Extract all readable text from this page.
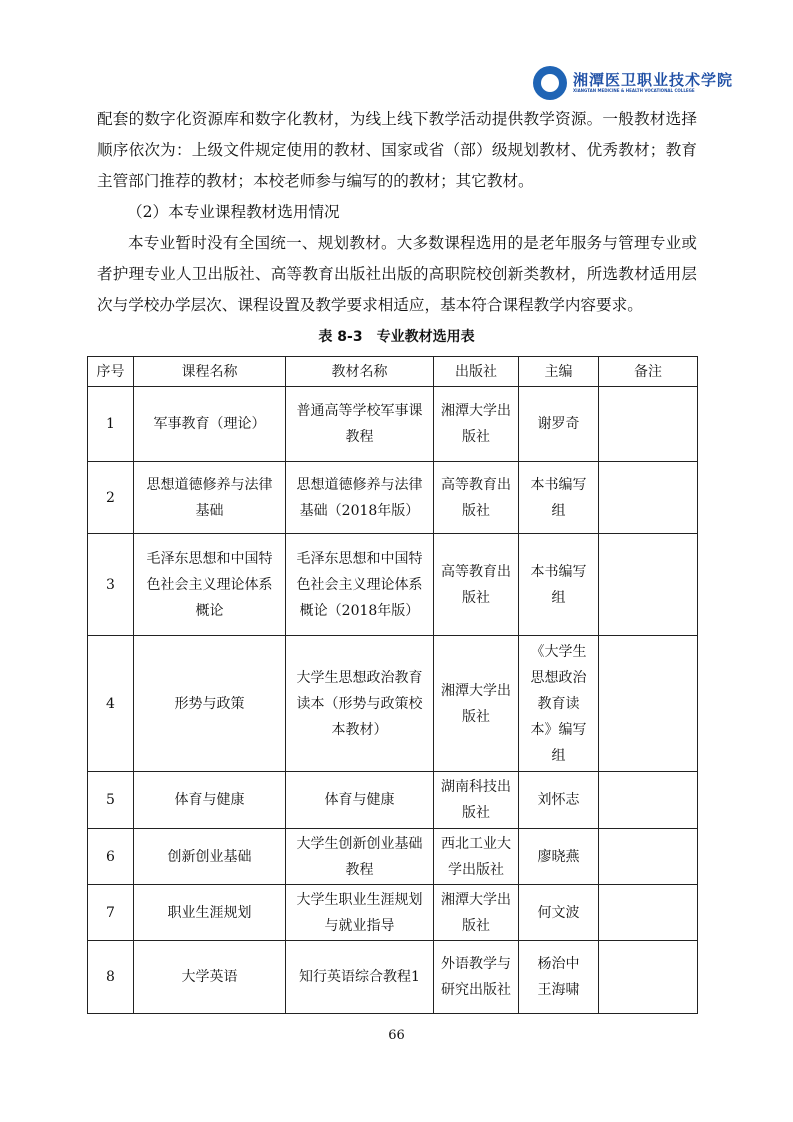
湘潭医卫职业技术学院
XIANGTAN MEDICINE & HEALTH VOCATIONAL COLLEGE

配套的数字化资源库和数字化教材，为线上线下教学活动提供教学资源。一般教材选择顺序依次为：上级文件规定使用的教材、国家或省（部）级规划教材、优秀教材；教育主管部门推荐的教材；本校老师参与编写的的教材；其它教材。

（2）本专业课程教材选用情况

本专业暂时没有全国统一、规划教材。大多数课程选用的是老年服务与管理专业或者护理专业人卫出版社、高等教育出版社出版的高职院校创新类教材，所选教材适用层次与学校办学层次、课程设置及教学要求相适应，基本符合课程教学内容要求。

表 8-3　专业教材选用表
序号	课程名称	教材名称	出版社	主编	备注
1	军事教育（理论）	普通高等学校军事课教程	湘潭大学出版社	谢罗奇	
2	思想道德修养与法律基础	思想道德修养与法律基础（2018年版）	高等教育出版社	本书编写组	
3	毛泽东思想和中国特色社会主义理论体系概论	毛泽东思想和中国特色社会主义理论体系概论（2018年版）	高等教育出版社	本书编写组	
4	形势与政策	大学生思想政治教育读本（形势与政策校本教材）	湘潭大学出版社	《大学生思想政治教育读本》编写组	
5	体育与健康	体育与健康	湖南科技出版社	刘怀志	
6	创新创业基础	大学生创新创业基础教程	西北工业大学出版社	廖晓燕	
7	职业生涯规划	大学生职业生涯规划与就业指导	湘潭大学出版社	何文波	
8	大学英语	知行英语综合教程1	外语教学与研究出版社	杨治中 王海啸	
66
